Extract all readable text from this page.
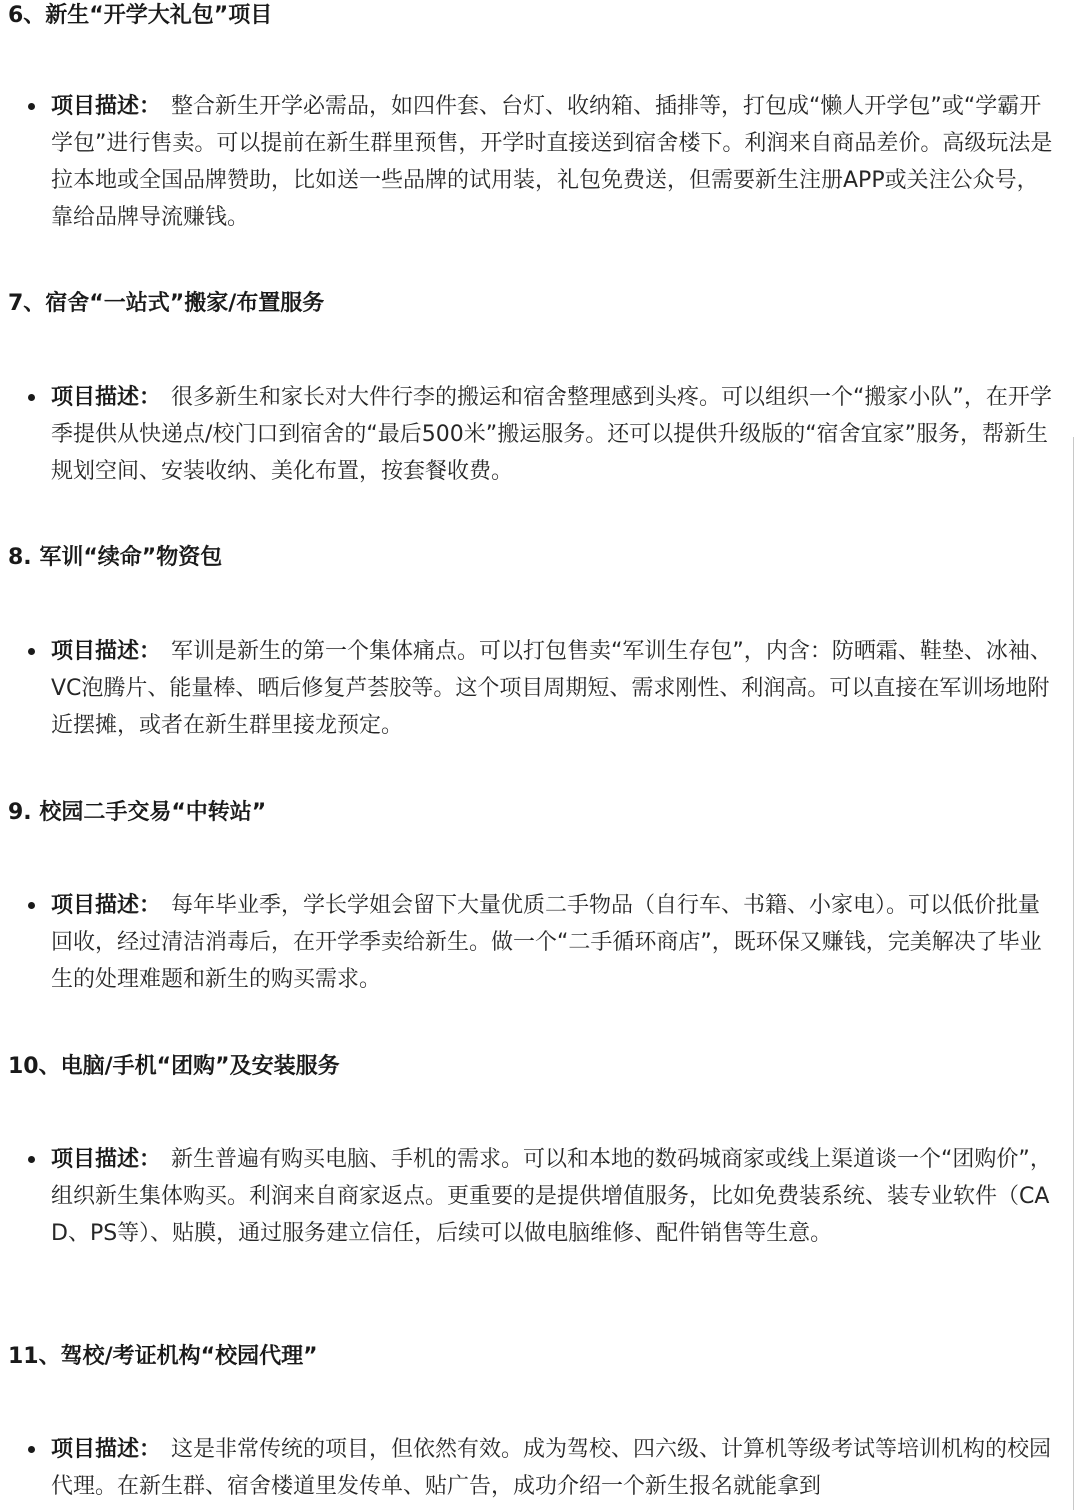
6、新生“开学大礼包”项目
项目描述： 整合新生开学必需品，如四件套、台灯、收纳箱、插排等，打包成“懒人开学包”或“学霸开学包”进行售卖。可以提前在新生群里预售，开学时直接送到宿舍楼下。利润来自商品差价。高级玩法是拉本地或全国品牌赞助，比如送一些品牌的试用装，礼包免费送，但需要新生注册APP或关注公众号，靠给品牌导流赚钱。
7、宿舍“一站式”搬家/布置服务
项目描述： 很多新生和家长对大件行李的搬运和宿舍整理感到头疼。可以组织一个“搬家小队”，在开学季提供从快递点/校门口到宿舍的“最后500米”搬运服务。还可以提供升级版的“宿舍宜家”服务，帮新生规划空间、安装收纳、美化布置，按套餐收费。
8. 军训“续命”物资包
项目描述： 军训是新生的第一个集体痛点。可以打包售卖“军训生存包”，内含：防晒霜、鞋垫、冰袖、VC泡腾片、能量棒、晒后修复芦荟胶等。这个项目周期短、需求刚性、利润高。可以直接在军训场地附近摆摊，或者在新生群里接龙预定。
9. 校园二手交易“中转站”
项目描述： 每年毕业季，学长学姐会留下大量优质二手物品（自行车、书籍、小家电）。可以低价批量回收，经过清洁消毒后，在开学季卖给新生。做一个“二手循环商店”，既环保又赚钱，完美解决了毕业生的处理难题和新生的购买需求。
10、电脑/手机“团购”及安装服务
项目描述： 新生普遍有购买电脑、手机的需求。可以和本地的数码城商家或线上渠道谈一个“团购价”，组织新生集体购买。利润来自商家返点。更重要的是提供增值服务，比如免费装系统、装专业软件（CAD、PS等）、贴膜，通过服务建立信任，后续可以做电脑维修、配件销售等生意。
11、驾校/考证机构“校园代理”
项目描述： 这是非常传统的项目，但依然有效。成为驾校、四六级、计算机等级考试等培训机构的校园代理。在新生群、宿舍楼道里发传单、贴广告，成功介绍一个新生报名就能拿到
